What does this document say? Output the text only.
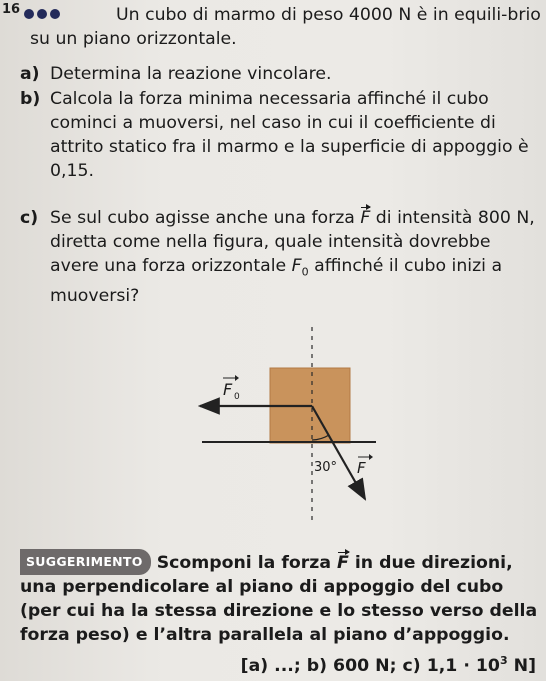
16	Un cubo di marmo di peso 4000 N è in equili-brio su un piano orizzontale.
a) Determina la reazione vincolare.
b) Calcola la forza minima necessaria affinché il cubo cominci a muoversi, nel caso in cui il coefficiente di attrito statico fra il marmo e la superficie di appoggio è 0,15.
c) Se sul cubo agisse anche una forza F di intensità 800 N, diretta come nella figura, quale intensità dovrebbe avere una forza orizzontale $F_0$ affinché il cubo inizi a muoversi?
F 0
30° F
SUGGERIMENTO Scomponi la forza F in due direzioni, una perpendicolare al piano di appoggio del cubo (per cui ha la stessa direzione e lo stesso verso della forza peso) e l’altra parallela al piano d’appoggio.
[a) ...; b) 600 N; c) $1,1 \cdot 10^3$ N]
